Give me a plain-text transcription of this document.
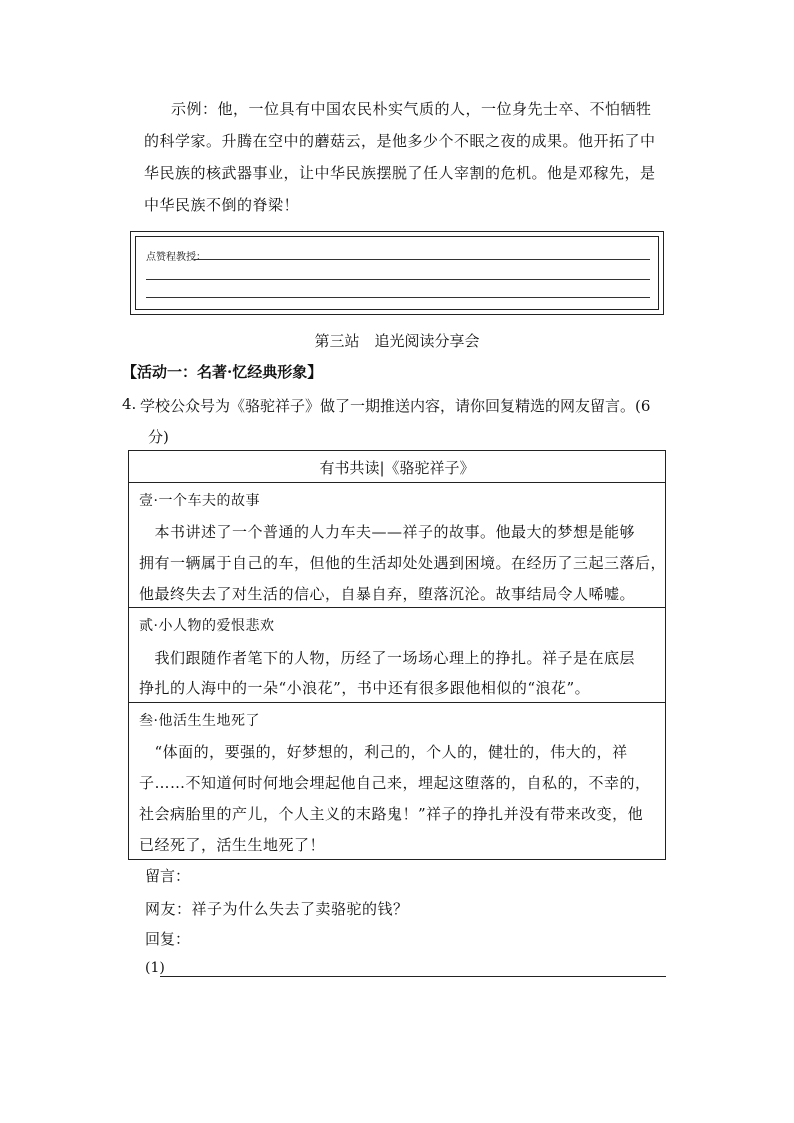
示例：他，一位具有中国农民朴实气质的人，一位身先士卒、不怕牺牲
的科学家。升腾在空中的蘑菇云，是他多少个不眠之夜的成果。他开拓了中
华民族的核武器事业，让中华民族摆脱了任人宰割的危机。他是邓稼先，是
中华民族不倒的脊梁！
点赞程教授：
第三站　追光阅读分享会
【活动一：名著·忆经典形象】
4. 学校公众号为《骆驼祥子》做了一期推送内容，请你回复精选的网友留言。(6
分)
有书共读|《骆驼祥子》
壹·一个车夫的故事
　本书讲述了一个普通的人力车夫——祥子的故事。他最大的梦想是能够
拥有一辆属于自己的车，但他的生活却处处遇到困境。在经历了三起三落后，
他最终失去了对生活的信心，自暴自弃，堕落沉沦。故事结局令人唏嘘。
贰·小人物的爱恨悲欢
　我们跟随作者笔下的人物，历经了一场场心理上的挣扎。祥子是在底层
挣扎的人海中的一朵“小浪花”，书中还有很多跟他相似的“浪花”。
叁·他活生生地死了
　“体面的，要强的，好梦想的，利己的，个人的，健壮的，伟大的，祥
子……不知道何时何地会埋起他自己来，埋起这堕落的，自私的，不幸的，
社会病胎里的产儿，个人主义的末路鬼！”祥子的挣扎并没有带来改变，他
已经死了，活生生地死了！
留言：
网友：祥子为什么失去了卖骆驼的钱？
回复：
(1)
